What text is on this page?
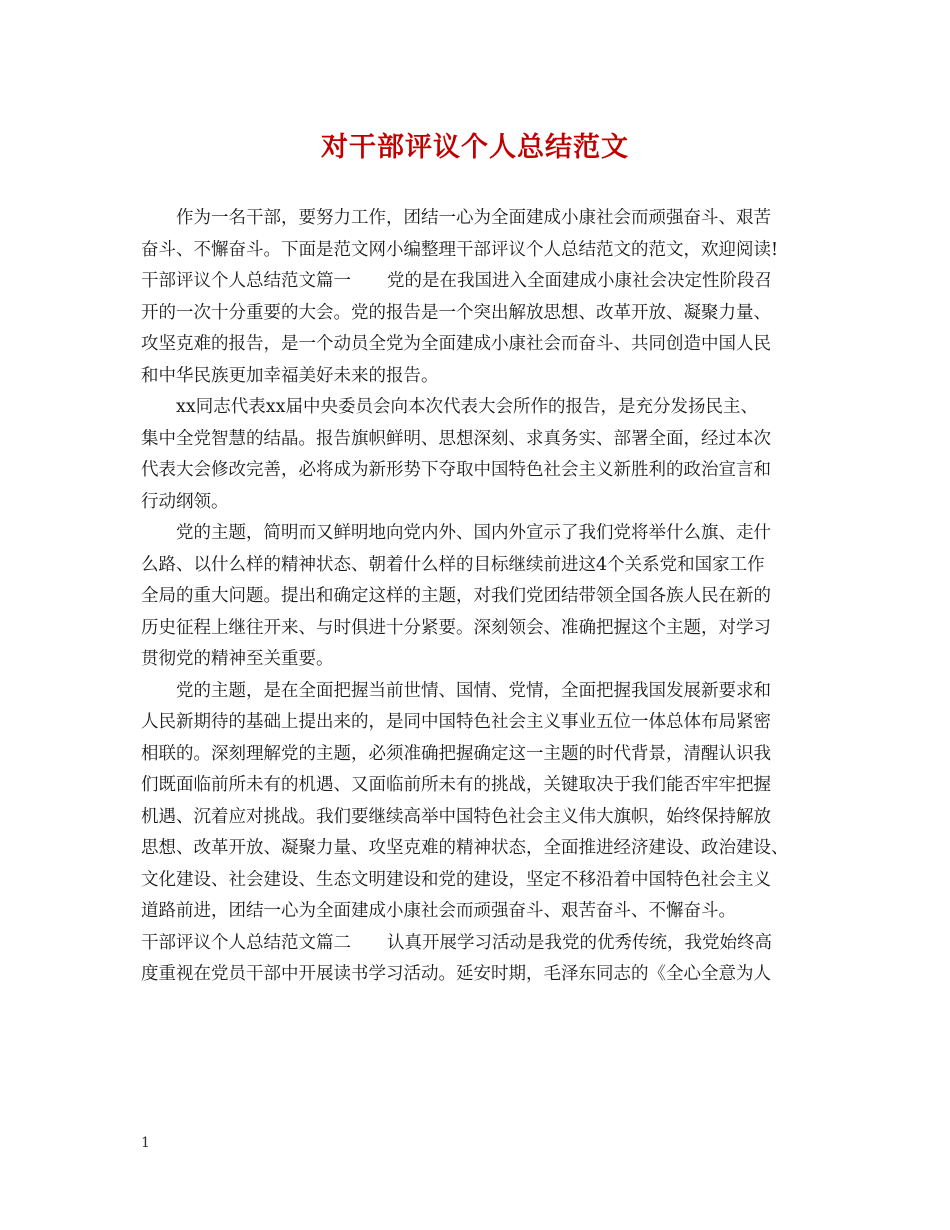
对干部评议个人总结范文
作为一名干部，要努力工作，团结一心为全面建成小康社会而顽强奋斗、艰苦
奋斗、不懈奋斗。下面是范文网小编整理干部评议个人总结范文的范文，欢迎阅读!
干部评议个人总结范文篇一 党的是在我国进入全面建成小康社会决定性阶段召
开的一次十分重要的大会。党的报告是一个突出解放思想、改革开放、凝聚力量、
攻坚克难的报告，是一个动员全党为全面建成小康社会而奋斗、共同创造中国人民
和中华民族更加幸福美好未来的报告。
xx同志代表xx届中央委员会向本次代表大会所作的报告，是充分发扬民主、
集中全党智慧的结晶。报告旗帜鲜明、思想深刻、求真务实、部署全面，经过本次
代表大会修改完善，必将成为新形势下夺取中国特色社会主义新胜利的政治宣言和
行动纲领。
党的主题，简明而又鲜明地向党内外、国内外宣示了我们党将举什么旗、走什
么路、以什么样的精神状态、朝着什么样的目标继续前进这4个关系党和国家工作
全局的重大问题。提出和确定这样的主题，对我们党团结带领全国各族人民在新的
历史征程上继往开来、与时俱进十分紧要。深刻领会、准确把握这个主题，对学习
贯彻党的精神至关重要。
党的主题，是在全面把握当前世情、国情、党情，全面把握我国发展新要求和
人民新期待的基础上提出来的，是同中国特色社会主义事业五位一体总体布局紧密
相联的。深刻理解党的主题，必须准确把握确定这一主题的时代背景，清醒认识我
们既面临前所未有的机遇、又面临前所未有的挑战，关键取决于我们能否牢牢把握
机遇、沉着应对挑战。我们要继续高举中国特色社会主义伟大旗帜，始终保持解放
思想、改革开放、凝聚力量、攻坚克难的精神状态，全面推进经济建设、政治建设、
文化建设、社会建设、生态文明建设和党的建设，坚定不移沿着中国特色社会主义
道路前进，团结一心为全面建成小康社会而顽强奋斗、艰苦奋斗、不懈奋斗。
干部评议个人总结范文篇二 认真开展学习活动是我党的优秀传统，我党始终高
度重视在党员干部中开展读书学习活动。延安时期，毛泽东同志的《全心全意为人
1
